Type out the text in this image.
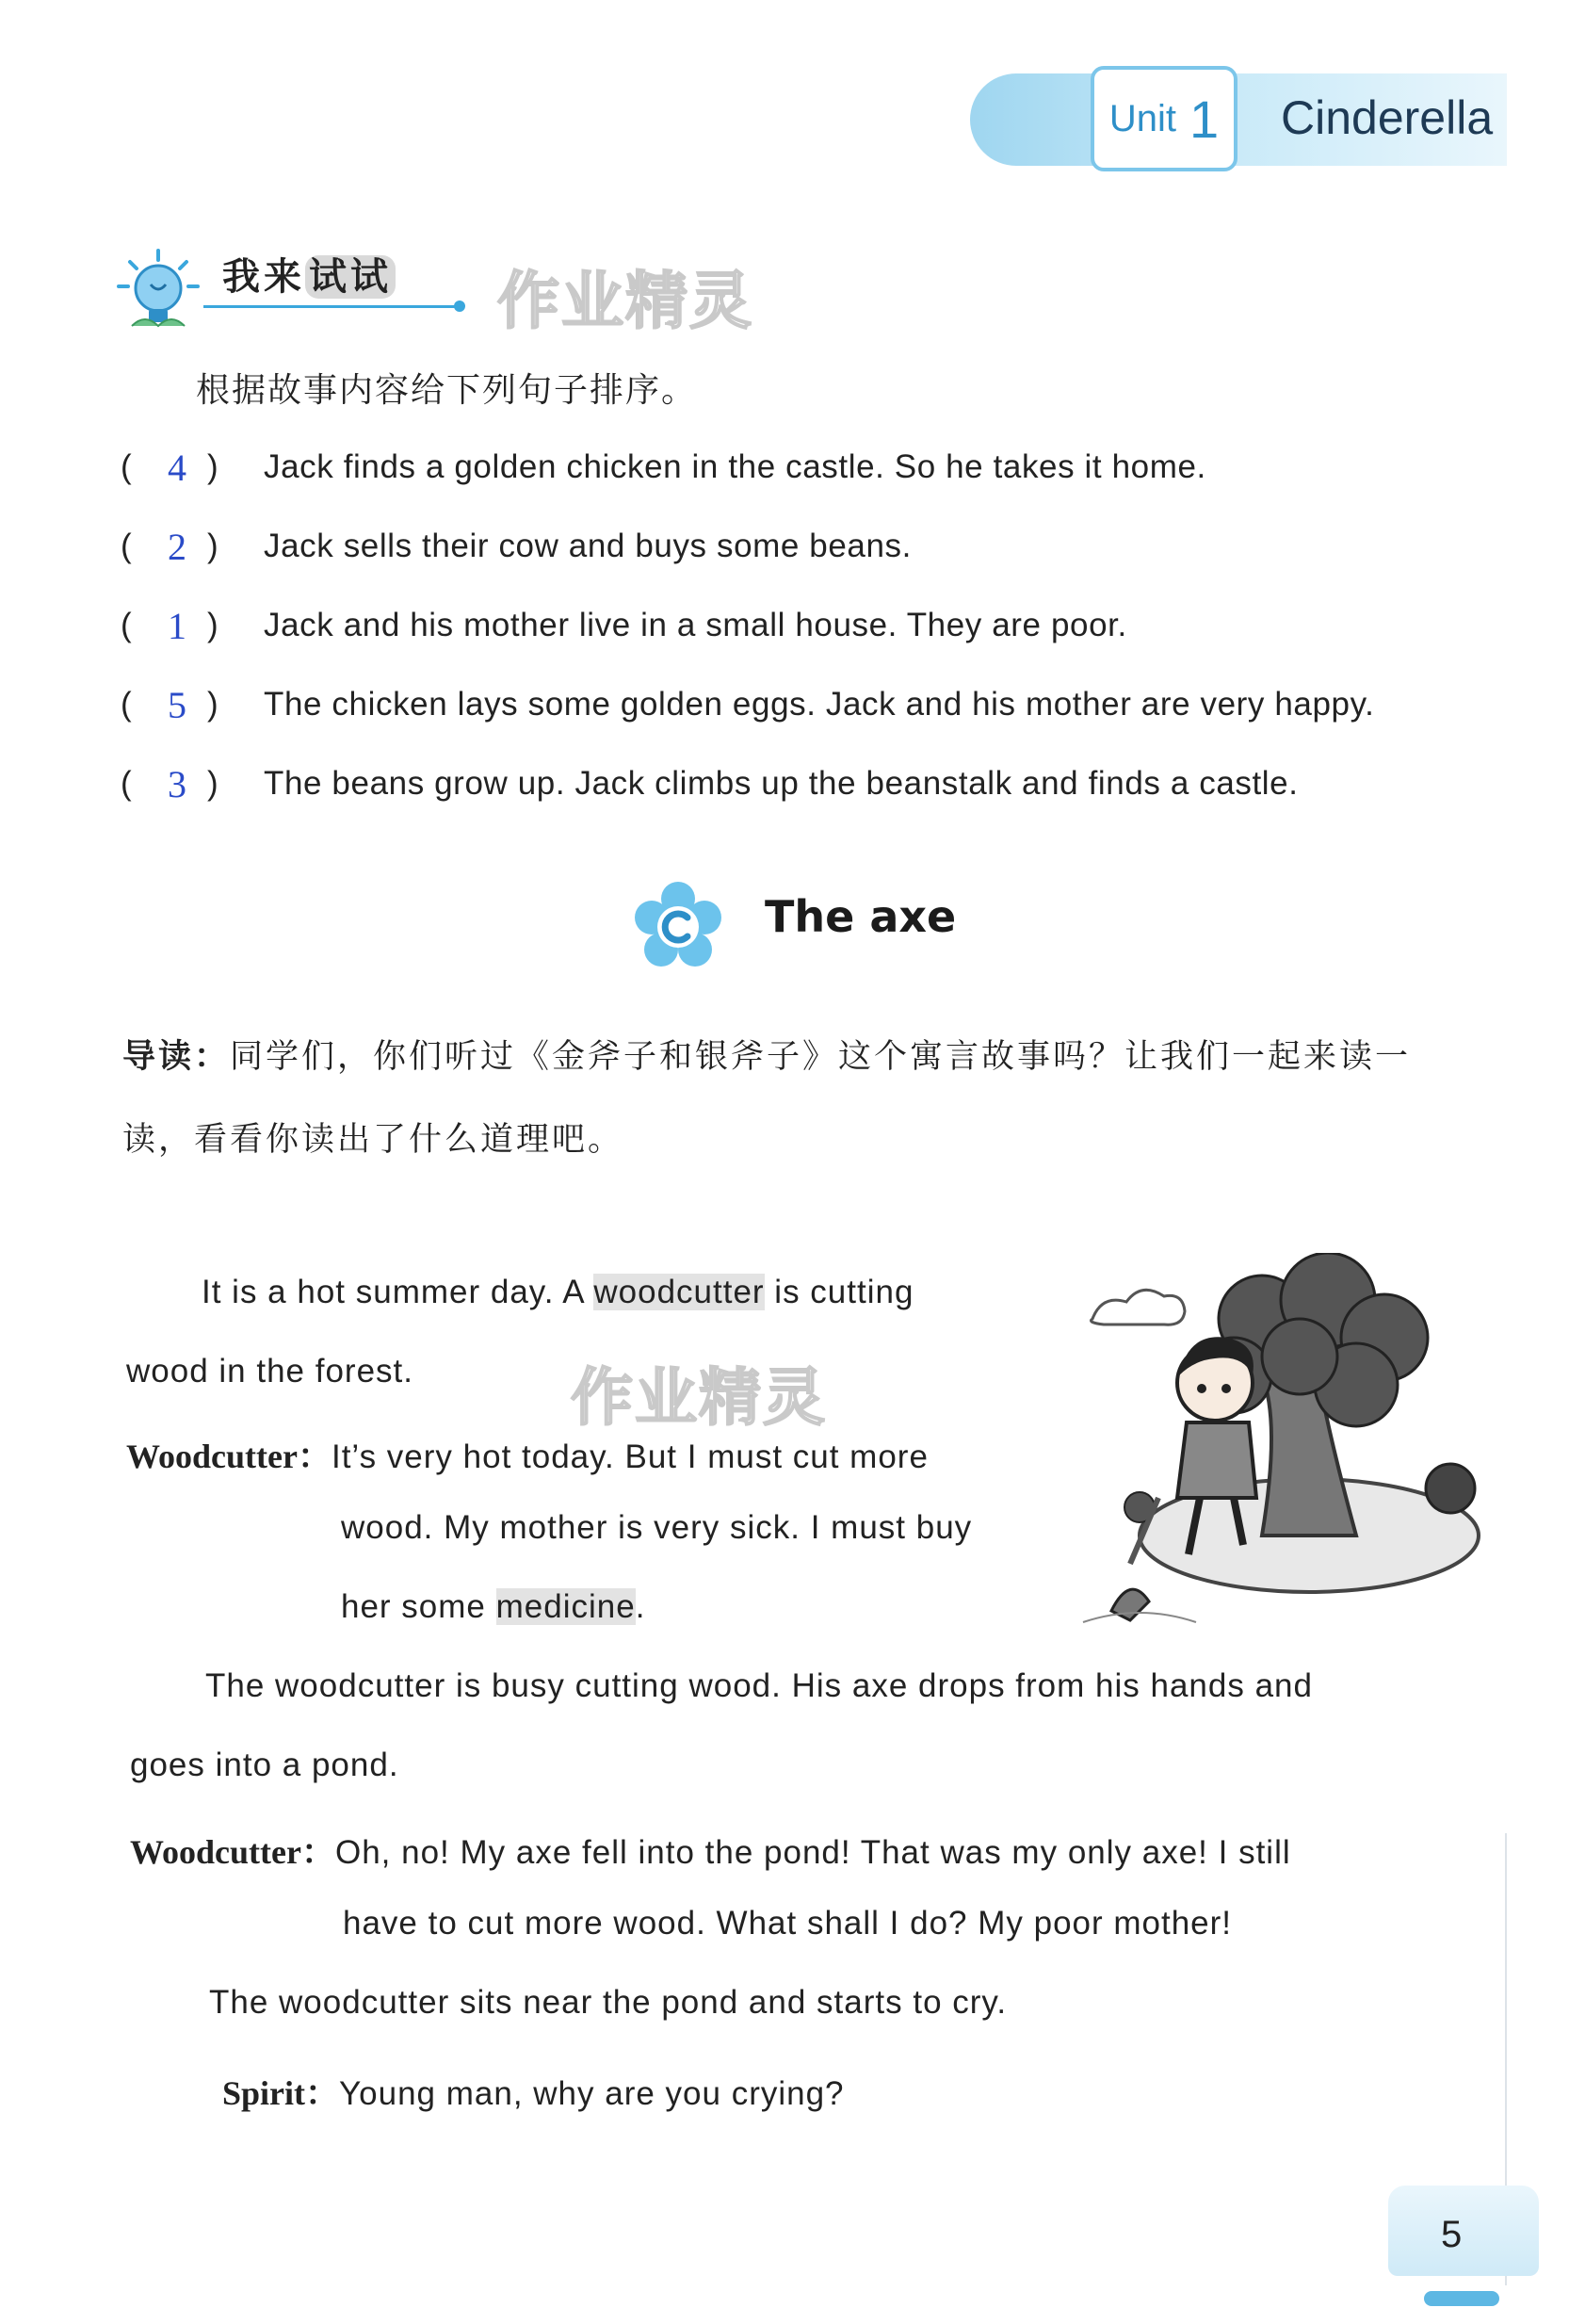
Unit 1 Cinderella
我来 试试 作业精灵
根据故事内容给下列句子排序。
( 4 )	Jack finds a golden chicken in the castle. So he takes it home.
( 2 )	Jack sells their cow and buys some beans.
( 1 )	Jack and his mother live in a small house. They are poor.
( 5 )	The chicken lays some golden eggs. Jack and his mother are very happy.
( 3 )	The beans grow up. Jack climbs up the beanstalk and finds a castle.
The axe
导读：同学们，你们听过《金斧子和银斧子》这个寓言故事吗？让我们一起来读一
读，看看你读出了什么道理吧。
It is a hot summer day. A woodcutter is cutting
wood in the forest.	作业精灵
Woodcutter：It’s very hot today. But I must cut more
wood. My mother is very sick. I must buy
her some medicine.
The woodcutter is busy cutting wood. His axe drops from his hands and
goes into a pond.
Woodcutter：Oh, no! My axe fell into the pond! That was my only axe! I still
have to cut more wood. What shall I do? My poor mother!
The woodcutter sits near the pond and starts to cry.
Spirit：Young man, why are you crying?
5
